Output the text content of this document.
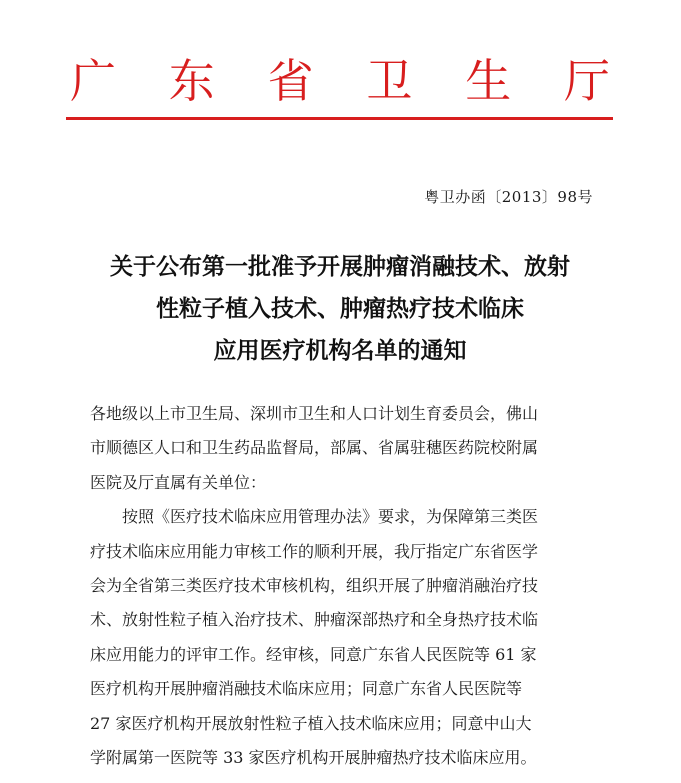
广 东 省 卫 生 厅
粤卫办函〔2013〕98号
关于公布第一批准予开展肿瘤消融技术、放射
性粒子植入技术、肿瘤热疗技术临床
应用医疗机构名单的通知
各地级以上市卫生局、深圳市卫生和人口计划生育委员会，佛山
市顺德区人口和卫生药品监督局，部属、省属驻穗医药院校附属
医院及厅直属有关单位：
　　按照《医疗技术临床应用管理办法》要求，为保障第三类医
疗技术临床应用能力审核工作的顺利开展，我厅指定广东省医学
会为全省第三类医疗技术审核机构，组织开展了肿瘤消融治疗技
术、放射性粒子植入治疗技术、肿瘤深部热疗和全身热疗技术临
床应用能力的评审工作。经审核，同意广东省人民医院等 61 家
医疗机构开展肿瘤消融技术临床应用；同意广东省人民医院等
27 家医疗机构开展放射性粒子植入技术临床应用；同意中山大
学附属第一医院等 33 家医疗机构开展肿瘤热疗技术临床应用。
